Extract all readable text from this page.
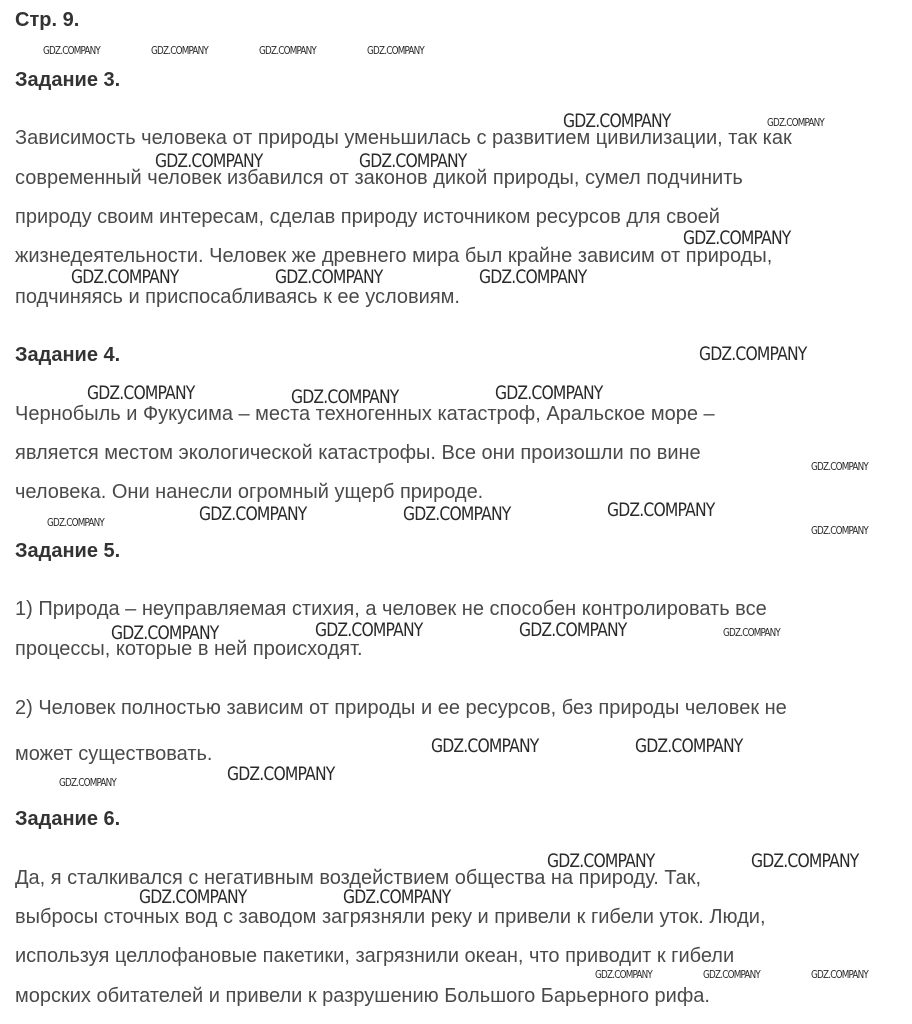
Стр. 9.
Задание 3.
Зависимость человека от природы уменьшилась с развитием цивилизации, так как
современный человек избавился от законов дикой природы, сумел подчинить
природу своим интересам, сделав природу источником ресурсов для своей
жизнедеятельности. Человек же древнего мира был крайне зависим от природы,
подчиняясь и приспосабливаясь к ее условиям.
Задание 4.
Чернобыль и Фукусима – места техногенных катастроф, Аральское море –
является местом экологической катастрофы. Все они произошли по вине
человека. Они нанесли огромный ущерб природе.
Задание 5.
1) Природа – неуправляемая стихия, а человек не способен контролировать все
процессы, которые в ней происходят.
2) Человек полностью зависим от природы и ее ресурсов, без природы человек не
может существовать.
Задание 6.
Да, я сталкивался с негативным воздействием общества на природу. Так,
выбросы сточных вод с заводом загрязняли реку и привели к гибели уток. Люди,
используя целлофановые пакетики, загрязнили океан, что приводит к гибели
морских обитателей и привели к разрушению Большого Барьерного рифа.
GDZ.COMPANY	GDZ.COMPANY	GDZ.COMPANY	GDZ.COMPANY
GDZ.COMPANY	GDZ.COMPANY
GDZ.COMPANY	GDZ.COMPANY
GDZ.COMPANY
GDZ.COMPANY	GDZ.COMPANY	GDZ.COMPANY
GDZ.COMPANY
GDZ.COMPANY	GDZ.COMPANY	GDZ.COMPANY
GDZ.COMPANY
GDZ.COMPANY	GDZ.COMPANY	GDZ.COMPANY	GDZ.COMPANY
GDZ.COMPANY
GDZ.COMPANY	GDZ.COMPANY	GDZ.COMPANY	GDZ.COMPANY
GDZ.COMPANY	GDZ.COMPANY
GDZ.COMPANY	GDZ.COMPANY
GDZ.COMPANY	GDZ.COMPANY
GDZ.COMPANY	GDZ.COMPANY
GDZ.COMPANY	GDZ.COMPANY	GDZ.COMPANY
